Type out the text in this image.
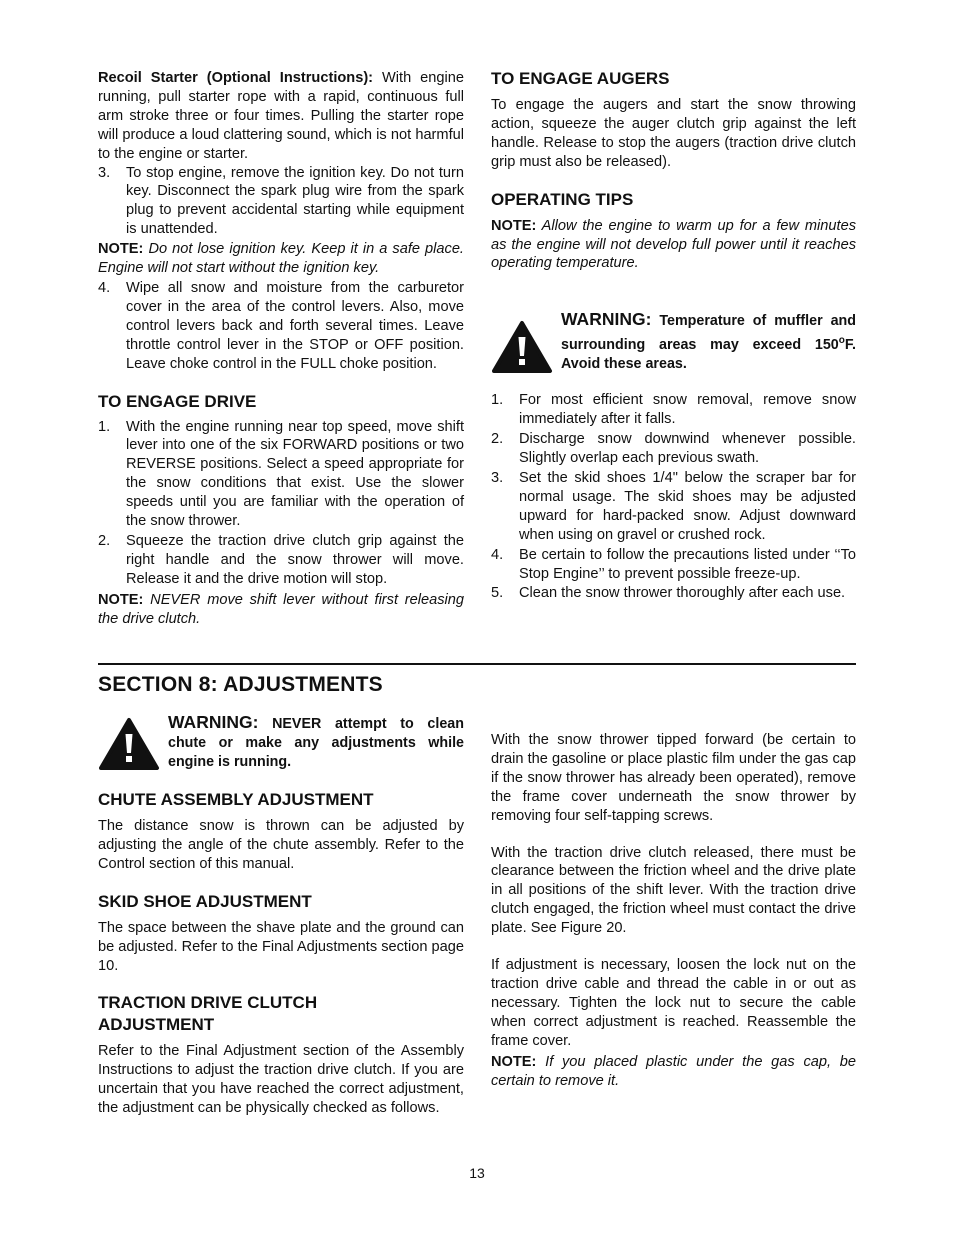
Recoil Starter (Optional Instructions): With engine running, pull starter rope with a rapid, continuous full arm stroke three or four times. Pulling the starter rope will produce a loud clattering sound, which is not harmful to the engine or starter.

3.	To stop engine, remove the ignition key. Do not turn key. Disconnect the spark plug wire from the spark plug to prevent accidental starting while equipment is unattended.

NOTE: Do not lose ignition key. Keep it in a safe place. Engine will not start without the ignition key.

4.	Wipe all snow and moisture from the carburetor cover in the area of the control levers. Also, move control levers back and forth several times. Leave throttle control lever in the STOP or OFF position. Leave choke control in the FULL choke position.
TO ENGAGE DRIVE
1.	With the engine running near top speed, move shift lever into one of the six FORWARD positions or two REVERSE positions. Select a speed appropriate for the snow conditions that exist. Use the slower speeds until you are familiar with the operation of the snow thrower.
2.	Squeeze the traction drive clutch grip against the right handle and the snow thrower will move. Release it and the drive motion will stop.

NOTE: NEVER move shift lever without first releasing the drive clutch.

TO ENGAGE AUGERS

To engage the augers and start the snow throwing action, squeeze the auger clutch grip against the left handle. Release to stop the augers (traction drive clutch grip must also be released).

OPERATING TIPS

NOTE: Allow the engine to warm up for a few minutes as the engine will not develop full power until it reaches operating temperature.

WARNING: Temperature of muffler and surrounding areas may exceed 150$^o$F. Avoid these areas.
1.	For most efficient snow removal, remove snow immediately after it falls.
2.	Discharge snow downwind whenever possible. Slightly overlap each previous swath.
3.	Set the skid shoes 1/4" below the scraper bar for normal usage. The skid shoes may be adjusted upward for hard-packed snow. Adjust downward when using on gravel or crushed rock.
4.	Be certain to follow the precautions listed under ‘‘To Stop Engine’’ to prevent possible freeze-up.
5.	Clean the snow thrower thoroughly after each use.
SECTION 8: ADJUSTMENTS
WARNING: NEVER attempt to clean chute or make any adjustments while engine is running.
CHUTE ASSEMBLY ADJUSTMENT

The distance snow is thrown can be adjusted by adjusting the angle of the chute assembly. Refer to the Control section of this manual.

SKID SHOE ADJUSTMENT

The space between the shave plate and the ground can be adjusted. Refer to the Final Adjustments section page 10.

TRACTION DRIVE CLUTCH
ADJUSTMENT

Refer to the Final Adjustment section of the Assembly Instructions to adjust the traction drive clutch. If you are uncertain that you have reached the correct adjustment, the adjustment can be physically checked as follows.

With the snow thrower tipped forward (be certain to drain the gasoline or place plastic film under the gas cap if the snow thrower has already been operated), remove the frame cover underneath the snow thrower by removing four self-tapping screws.

With the traction drive clutch released, there must be clearance between the friction wheel and the drive plate in all positions of the shift lever. With the traction drive clutch engaged, the friction wheel must contact the drive plate. See Figure 20.

If adjustment is necessary, loosen the lock nut on the traction drive cable and thread the cable in or out as necessary. Tighten the lock nut to secure the cable when correct adjustment is reached. Reassemble the frame cover.

NOTE: If you placed plastic under the gas cap, be certain to remove it.

13
